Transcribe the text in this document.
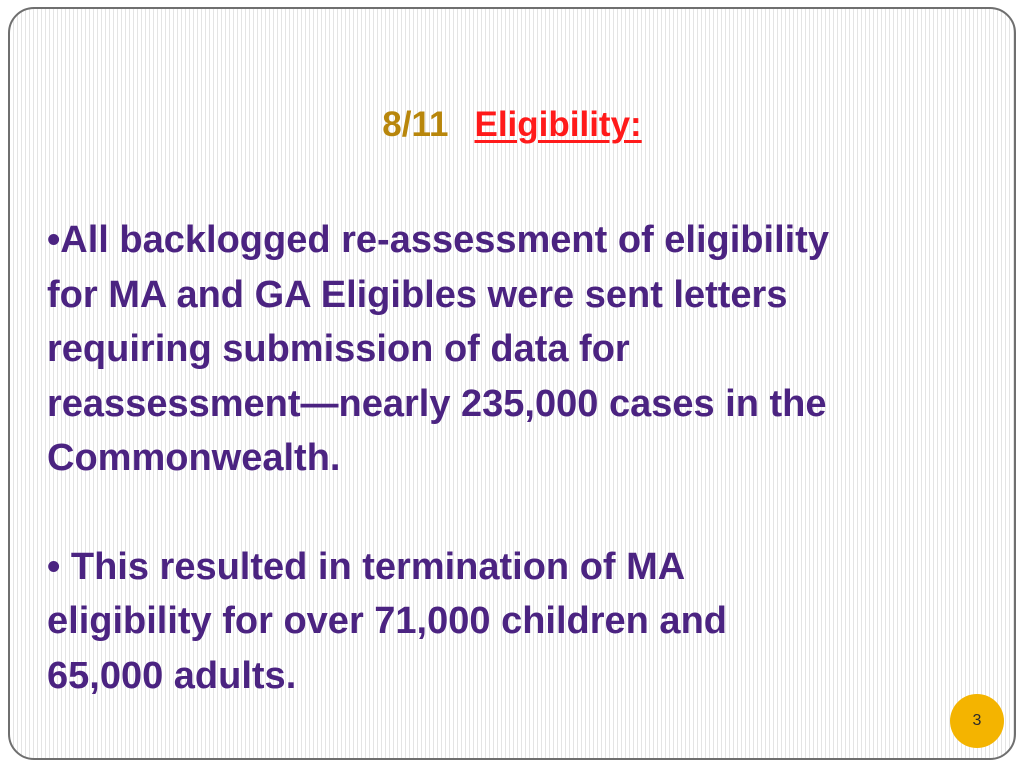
8/11 Eligibility:
•All backlogged re-assessment of eligibility
for MA and GA Eligibles were sent letters
requiring submission of data for
reassessment—nearly 235,000 cases in the
Commonwealth.
• This resulted in termination of MA
eligibility for over 71,000 children and
65,000 adults.
3
